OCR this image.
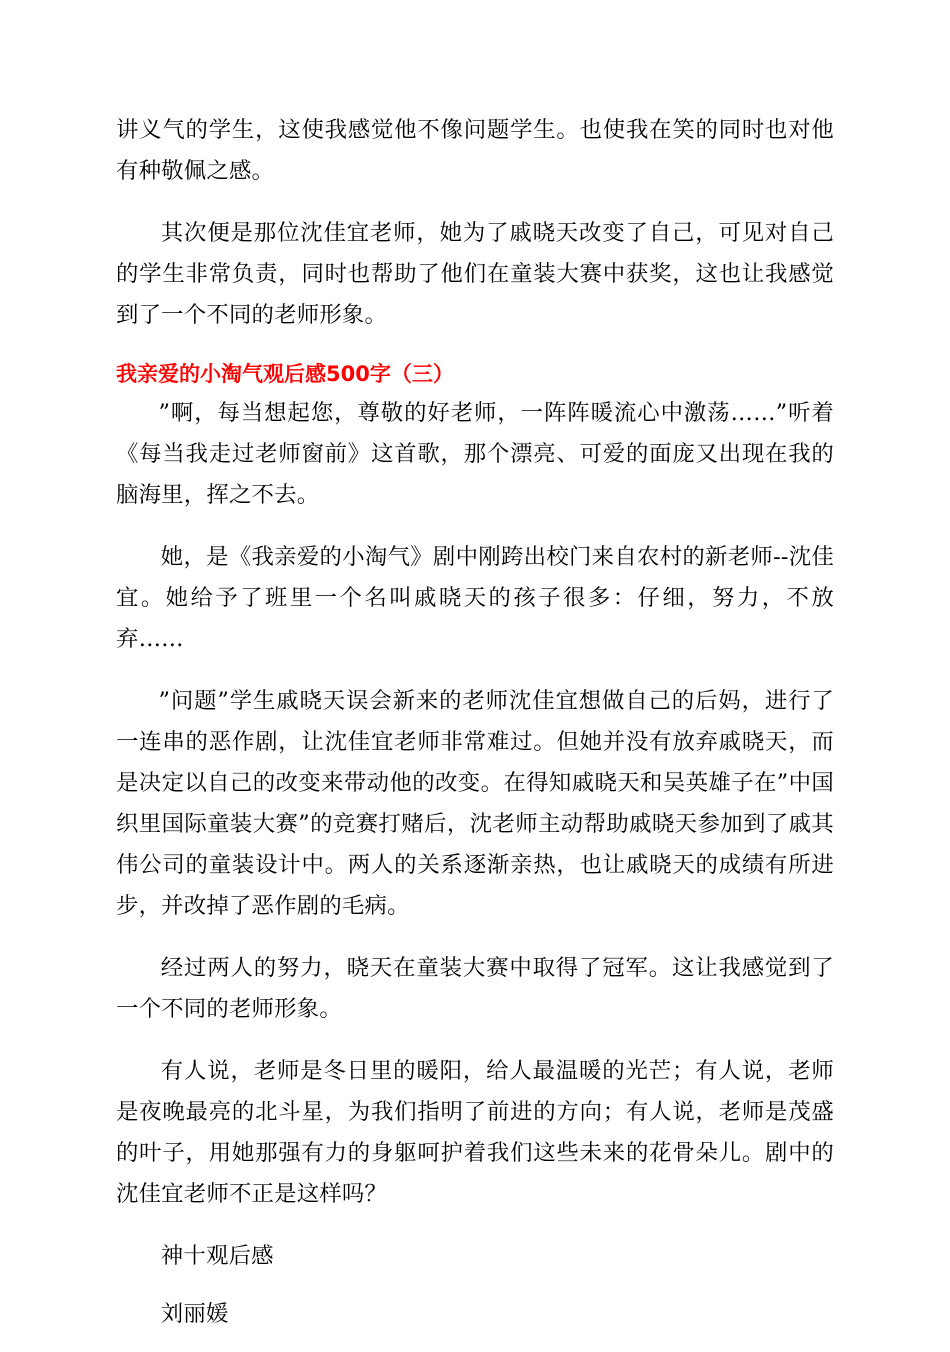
讲义气的学生，这使我感觉他不像问题学生。也使我在笑的同时也对他有种敬佩之感。

其次便是那位沈佳宜老师，她为了戚晓天改变了自己，可见对自己的学生非常负责，同时也帮助了他们在童装大赛中获奖，这也让我感觉到了一个不同的老师形象。

我亲爱的小淘气观后感500字（三）

”啊，每当想起您，尊敬的好老师，一阵阵暖流心中激荡……”听着《每当我走过老师窗前》这首歌，那个漂亮、可爱的面庞又出现在我的脑海里，挥之不去。

她，是《我亲爱的小淘气》剧中刚跨出校门来自农村的新老师--沈佳宜。她给予了班里一个名叫戚晓天的孩子很多：仔细，努力，不放弃……

”问题”学生戚晓天误会新来的老师沈佳宜想做自己的后妈，进行了一连串的恶作剧，让沈佳宜老师非常难过。但她并没有放弃戚晓天，而是决定以自己的改变来带动他的改变。在得知戚晓天和吴英雄子在”中国织里国际童装大赛”的竞赛打赌后，沈老师主动帮助戚晓天参加到了戚其伟公司的童装设计中。两人的关系逐渐亲热，也让戚晓天的成绩有所进步，并改掉了恶作剧的毛病。

经过两人的努力，晓天在童装大赛中取得了冠军。这让我感觉到了一个不同的老师形象。

有人说，老师是冬日里的暖阳，给人最温暖的光芒；有人说，老师是夜晚最亮的北斗星，为我们指明了前进的方向；有人说，老师是茂盛的叶子，用她那强有力的身躯呵护着我们这些未来的花骨朵儿。剧中的沈佳宜老师不正是这样吗？

神十观后感

刘丽媛
